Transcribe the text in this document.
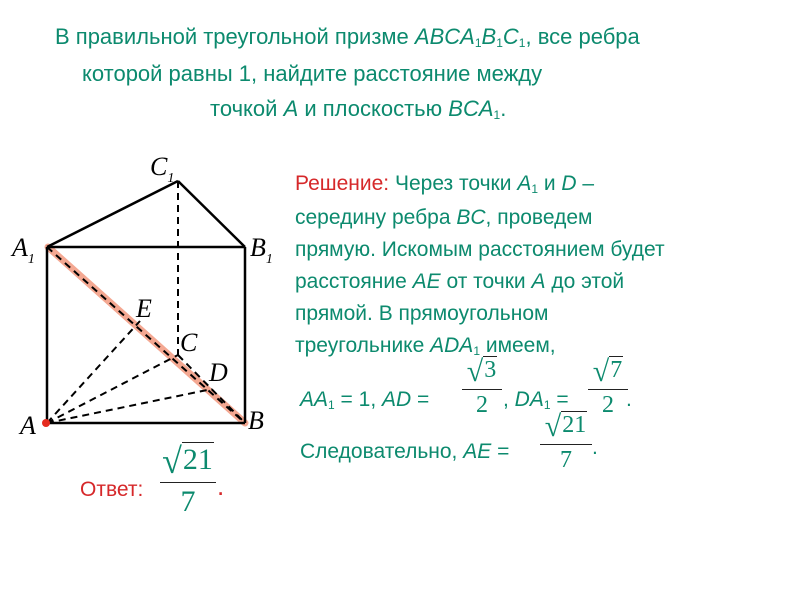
В правильной треугольной призме ABCA1B1C1, все ребра
которой равны 1, найдите расстояние между
точкой A и плоскостью BCA1.
$C_1$
$A_1$	$B_1$
E
C
D
A	B
Решение: Через точки A1 и D –
середину ребра BC, проведем
прямую. Искомым расстоянием будет
расстояние AE от точки A до этой
прямой. В прямоугольном
треугольнике ADA1 имеем,
AA1 = 1, AD = $\frac{√3}{2}$ , $DA1 = \frac{√7}{2}$
.
Следовательно, AE = $\frac{√21}{7}$ .
Ответ: $\frac{√21}{7}$ .
